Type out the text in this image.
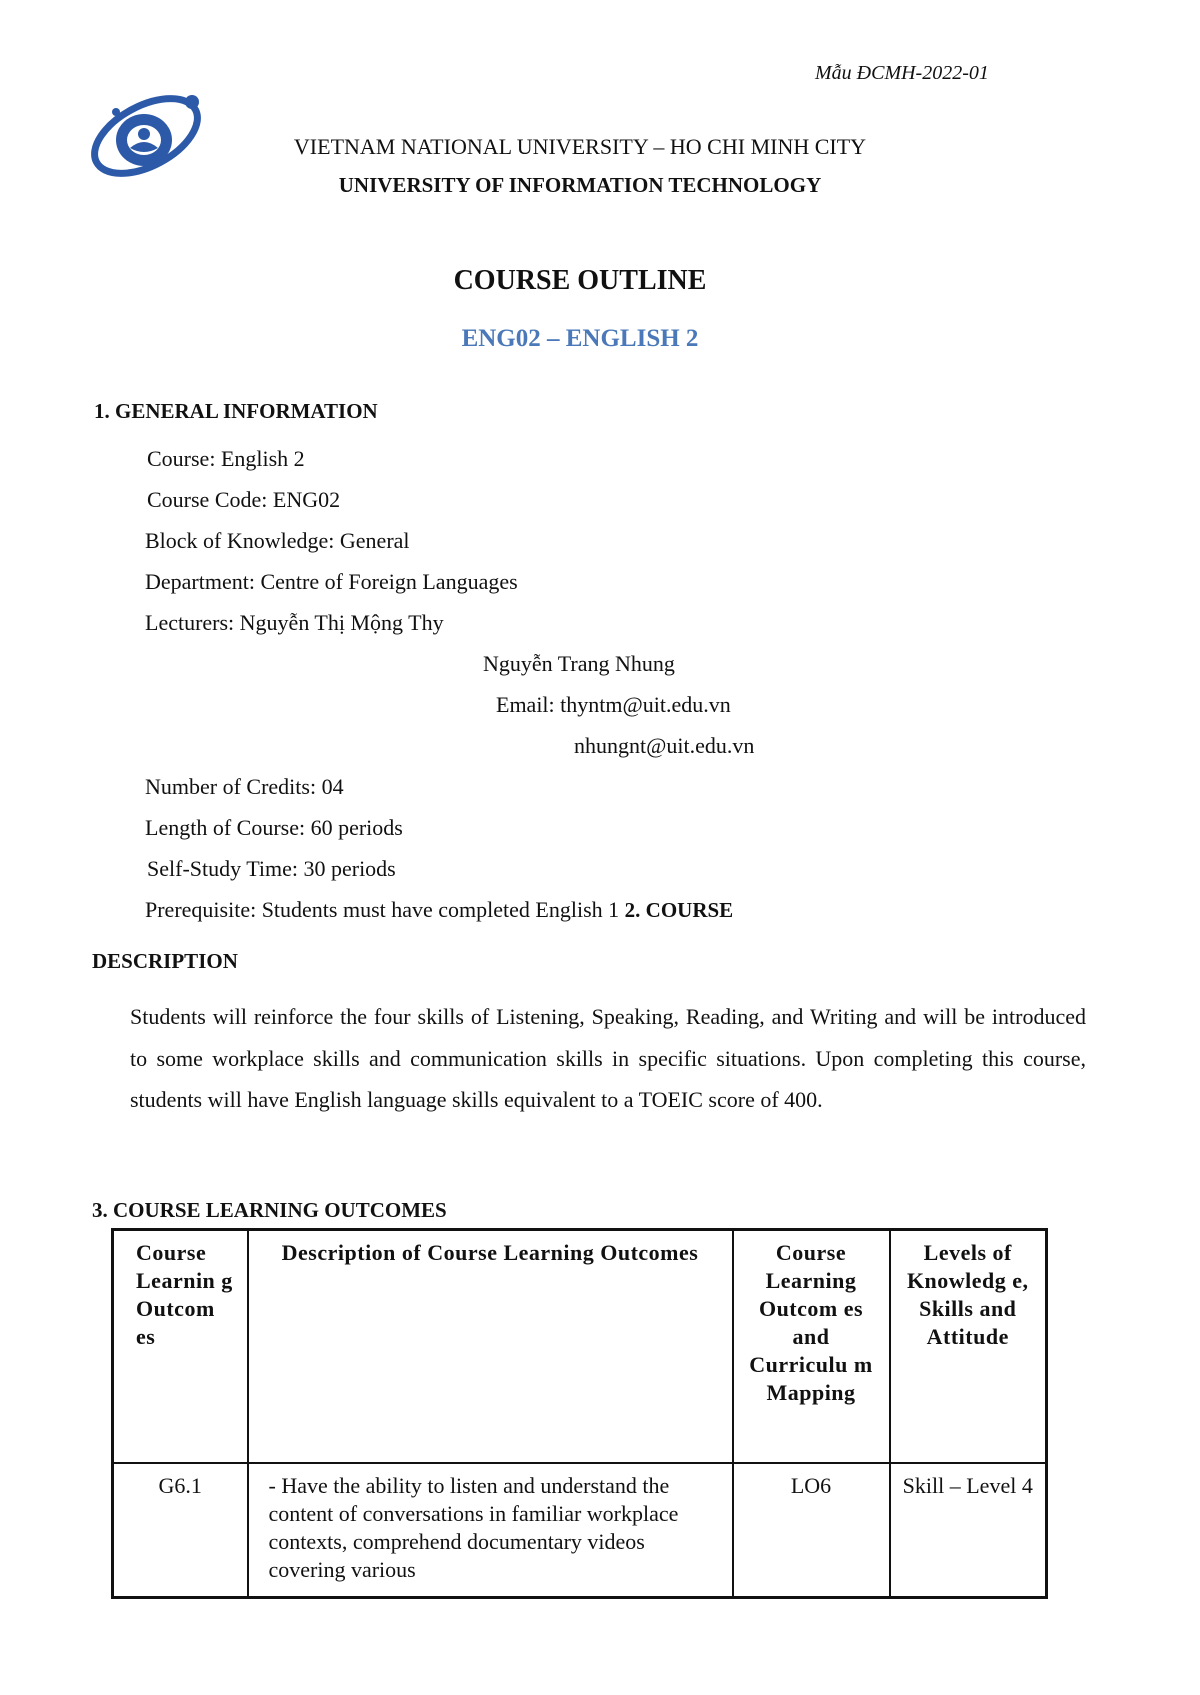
Mẫu ĐCMH-2022-01
VIETNAM NATIONAL UNIVERSITY – HO CHI MINH CITY
UNIVERSITY OF INFORMATION TECHNOLOGY
COURSE OUTLINE
ENG02 – ENGLISH 2
1. GENERAL INFORMATION
Course: English 2
Course Code: ENG02
Block of Knowledge: General
Department: Centre of Foreign Languages
Lecturers: Nguyễn Thị Mộng Thy
Nguyễn Trang Nhung
Email: thyntm@uit.edu.vn
nhungnt@uit.edu.vn
Number of Credits: 04
Length of Course: 60 periods
Self-Study Time: 30 periods
Prerequisite: Students must have completed English 1 2. COURSE
DESCRIPTION
Students will reinforce the four skills of Listening, Speaking, Reading, and Writing and will be introduced to some workplace skills and communication skills in specific situations. Upon completing this course, students will have English language skills equivalent to a TOEIC score of 400.
3. COURSE LEARNING OUTCOMES
Course Learnin g Outcom es	Description of Course Learning Outcomes	Course Learning Outcom es and Curriculu m Mapping	Levels of Knowledg e, Skills and Attitude
G6.1	- Have the ability to listen and understand the content of conversations in familiar workplace contexts, comprehend documentary videos covering various	LO6	Skill – Level 4
